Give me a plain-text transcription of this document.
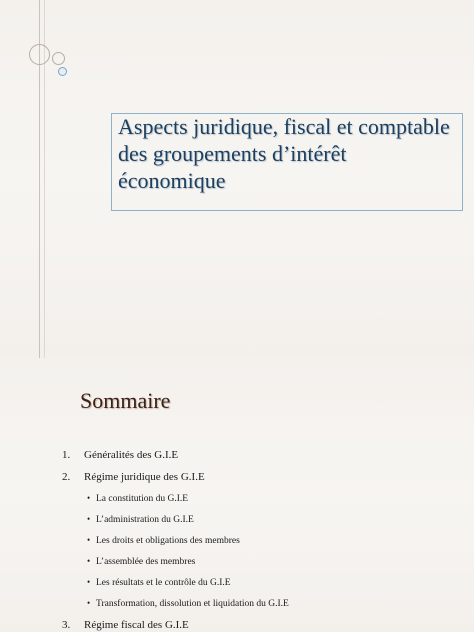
Aspects juridique, fiscal et comptable des groupements d’intérêt économique
Sommaire
1. Généralités des G.I.E
2. Régime juridique des G.I.E
• La constitution du G.I.E
• L’administration du G.I.E
• Les droits et obligations des membres
• L’assemblée des membres
• Les résultats et le contrôle du G.I.E
• Transformation, dissolution et liquidation du G.I.E
3. Régime fiscal des G.I.E
